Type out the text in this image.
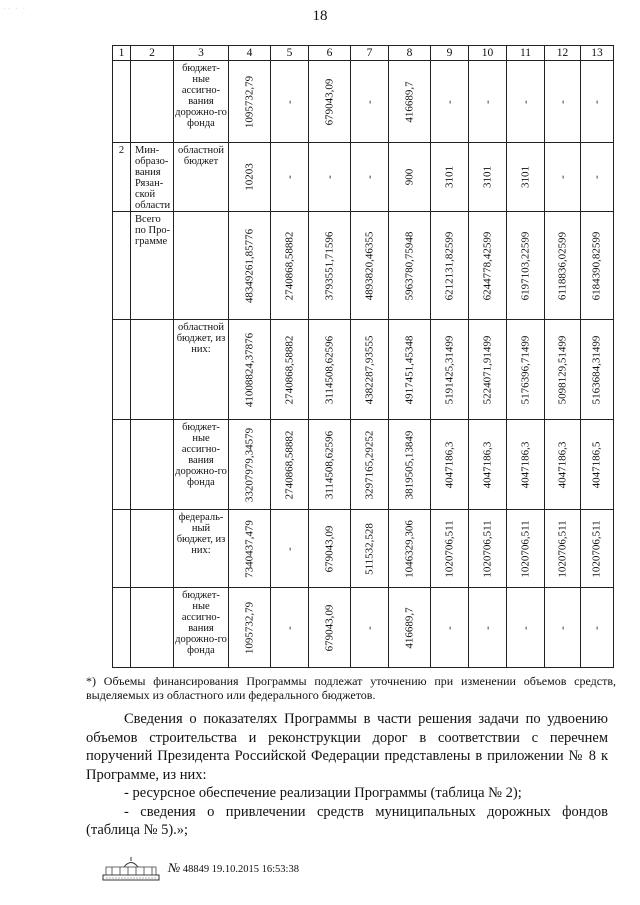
·· · ·	18
1	2	3	4	5	6	7	8	9	10	11	12	13
		бюджет-ные ассигно-вания дорожно-го фонда	1095732,79	-	679043,09	-	416689,7	-	-	-	-	-

2	Мин-образо-вания Рязан-ской области	областной бюджет	10203	-	-	-	900	3101	3101	3101	-	-

	Всего по Про-грамме		48349261,85776	2740868,58882	3793551,71596	4893820,46355	5963780,75948	6212131,82599	6244778,42599	6197103,22599	6118836,02599	6184390,82599

		областной бюджет, из них:	41008824,37876	2740868,58882	3114508,62596	4382287,93555	4917451,45348	5191425,31499	5224071,91499	5176396,71499	5098129,51499	5163684,31499

		бюджет-ные ассигно-вания дорожно-го фонда	33207979,34579	2740868,58882	3114508,62596	3297165,29252	3819505,13849	4047186,3	4047186,3	4047186,3	4047186,3	4047186,5

		федераль-ный бюджет, из них:	7340437,479	-	679043,09	511532,528	1046329,306	1020706,511	1020706,511	1020706,511	1020706,511	1020706,511

		бюджет-ные ассигно-вания дорожно-го фонда	1095732,79	-	679043,09	-	416689,7	-	-	-	-	-
*) Объемы финансирования Программы подлежат уточнению при изменении объемов средств, выделяемых из областного или федерального бюджетов.

Сведения о показателях Программы в части решения задачи по удвоению объемов строительства и реконструкции дорог в соответствии с перечнем поручений Президента Российской Федерации представлены в приложении № 8 к Программе, из них:

- ресурсное обеспечение реализации Программы (таблица № 2);

- сведения о привлечении средств муниципальных дорожных фондов (таблица № 5).»;

№ 48849 19.10.2015 16:53:38
